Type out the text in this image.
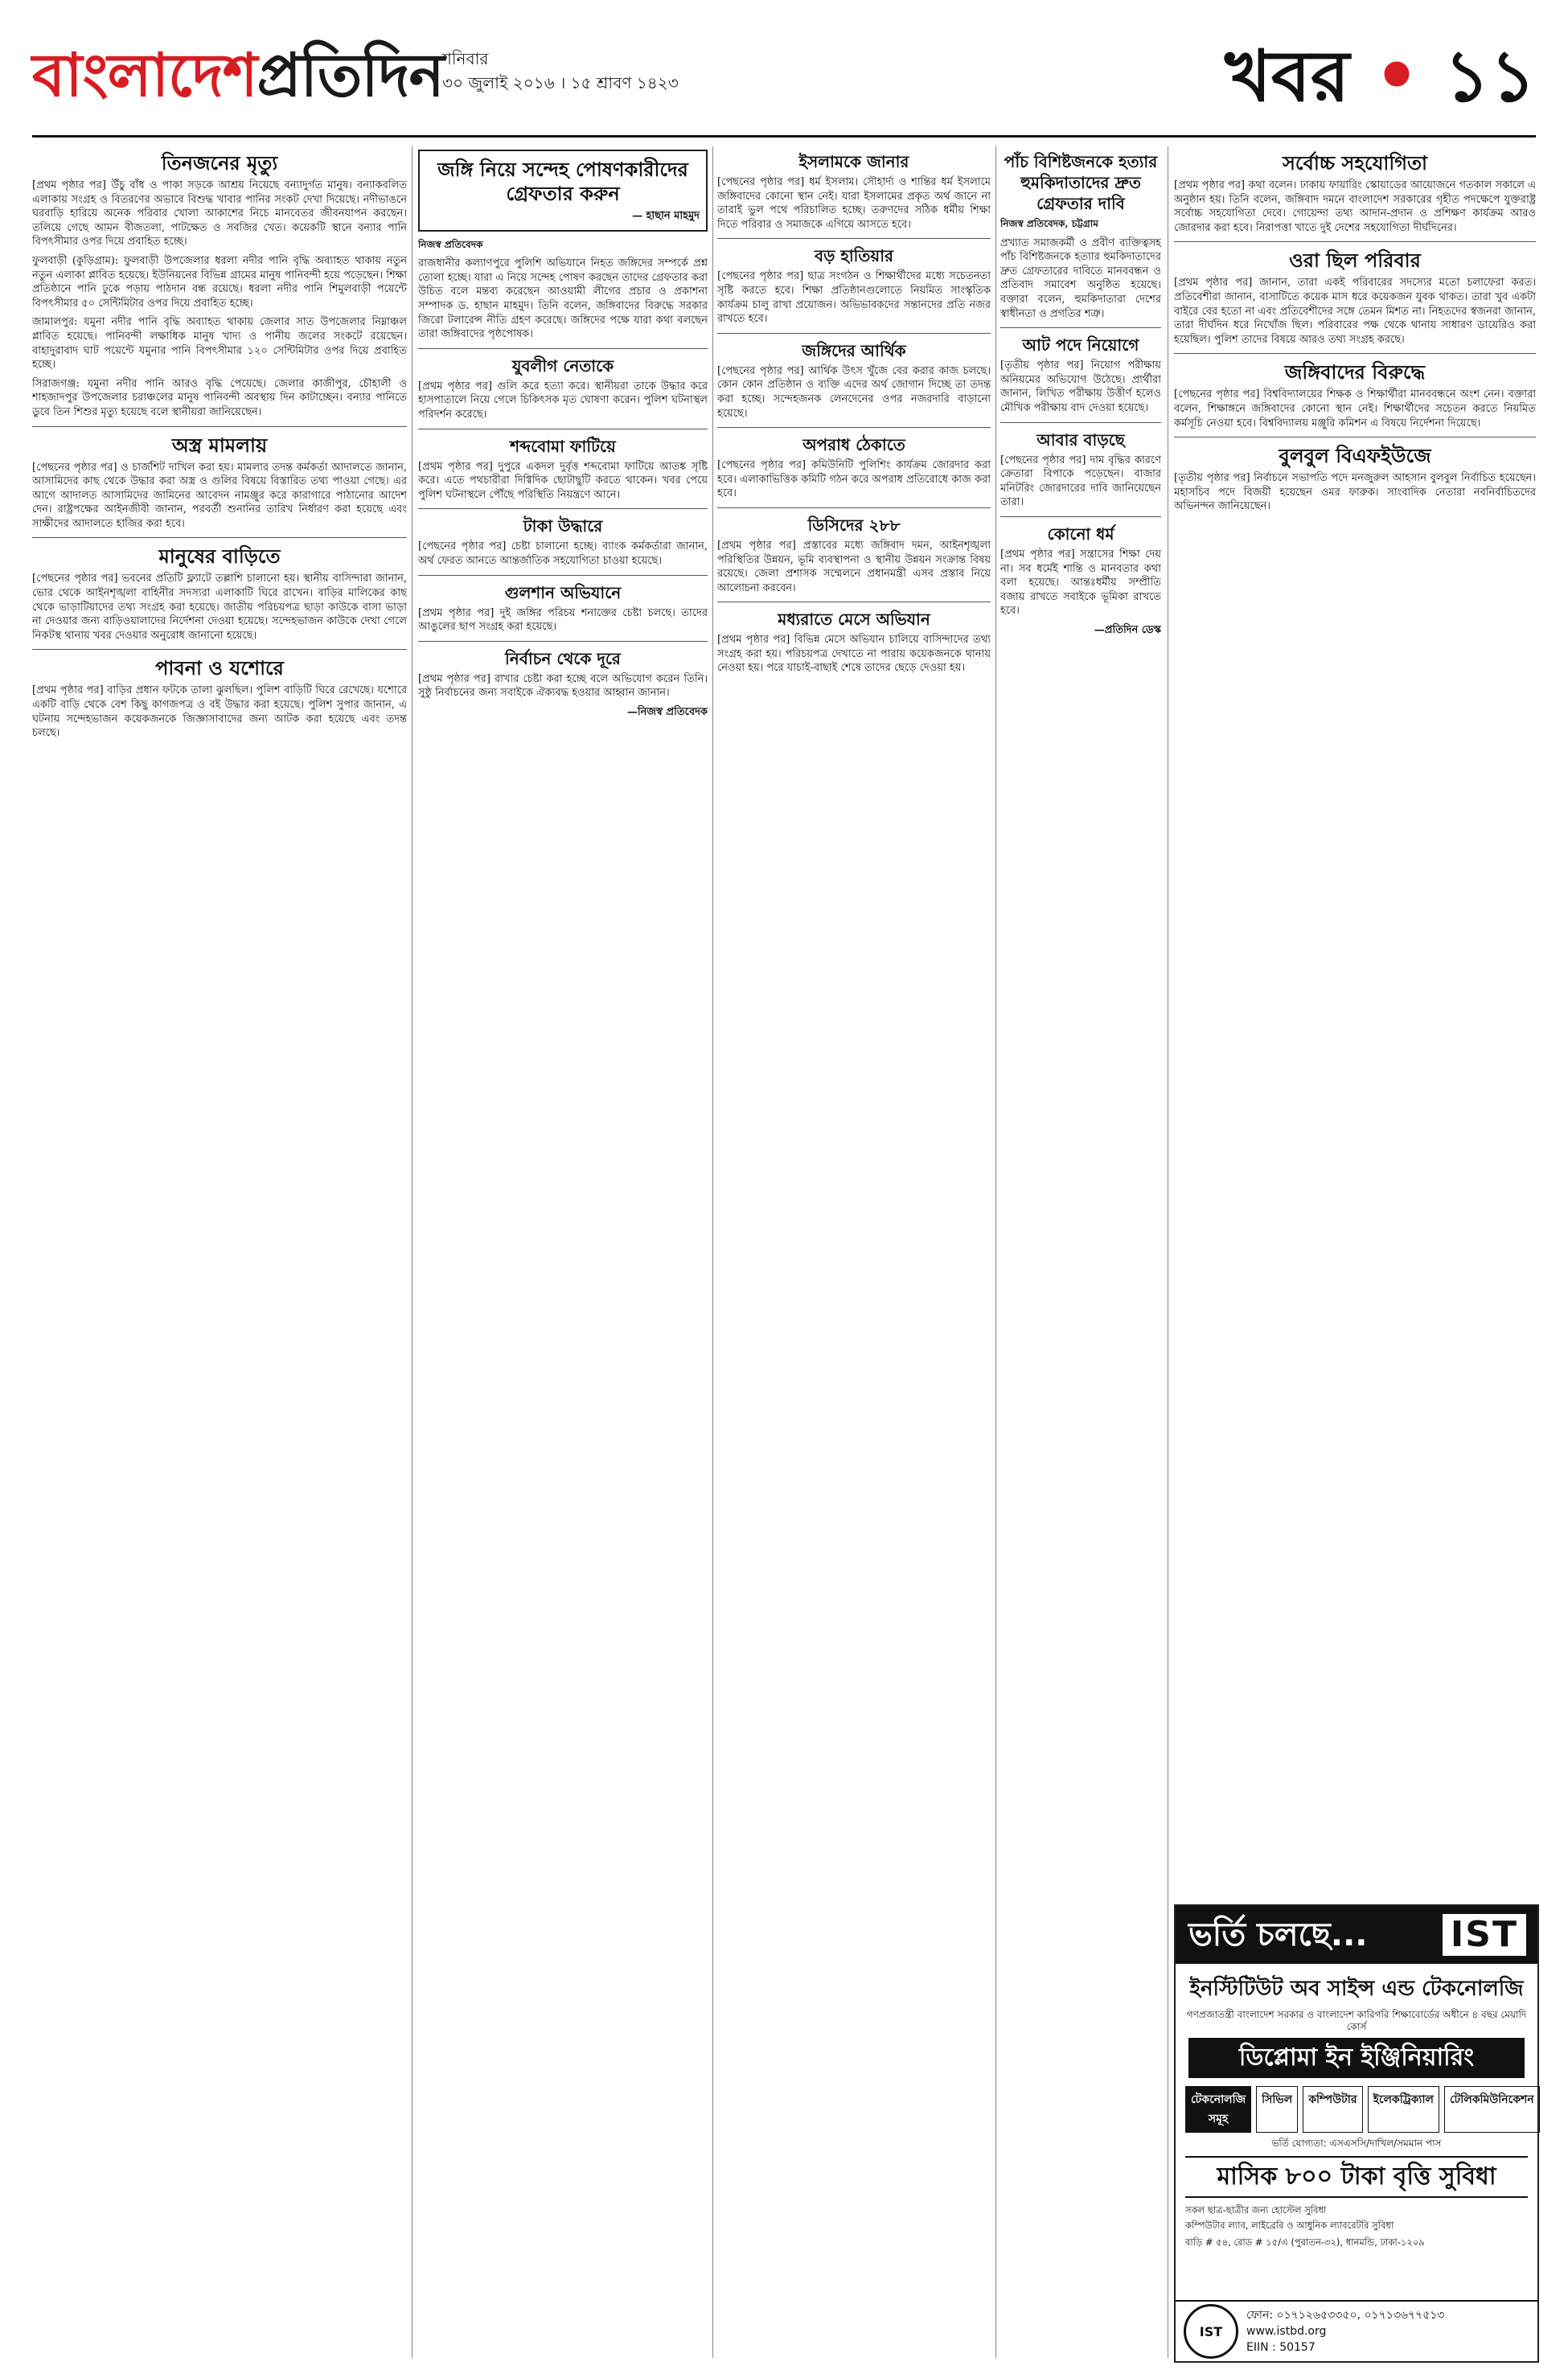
বাংলাদেশপ্রতিদিন
শনিবার
৩০ জুলাই ২০১৬ । ১৫ শ্রাবণ ১৪২৩	খবর • ১১
তিনজনের মৃত্যু

[প্রথম পৃষ্ঠার পর] উঁচু বাঁধ ও পাকা সড়কে আশ্রয় নিয়েছে বন্যাদুর্গত মানুষ। বন্যাকবলিত এলাকায় সংগ্রহ ও বিতরণের অভাবে বিশুদ্ধ খাবার পানির সংকট দেখা দিয়েছে। নদীভাঙনে ঘরবাড়ি হারিয়ে অনেক পরিবার খোলা আকাশের নিচে মানবেতর জীবনযাপন করছেন। তলিয়ে গেছে আমন বীজতলা, পাটক্ষেত ও সবজির খেত। কয়েকটি স্থানে বন্যার পানি বিপৎসীমার ওপর দিয়ে প্রবাহিত হচ্ছে।

ফুলবাড়ী (কুড়িগ্রাম): ফুলবাড়ী উপজেলার ধরলা নদীর পানি বৃদ্ধি অব্যাহত থাকায় নতুন নতুন এলাকা প্লাবিত হয়েছে। ইউনিয়নের বিভিন্ন গ্রামের মানুষ পানিবন্দী হয়ে পড়েছেন। শিক্ষা প্রতিষ্ঠানে পানি ঢুকে পড়ায় পাঠদান বন্ধ রয়েছে। ধরলা নদীর পানি শিমুলবাড়ী পয়েন্টে বিপৎসীমার ৫০ সেন্টিমিটার ওপর দিয়ে প্রবাহিত হচ্ছে।

জামালপুর: যমুনা নদীর পানি বৃদ্ধি অব্যাহত থাকায় জেলার সাত উপজেলার নিম্নাঞ্চল প্লাবিত হয়েছে। পানিবন্দী লক্ষাধিক মানুষ খাদ্য ও পানীয় জলের সংকটে রয়েছেন। বাহাদুরাবাদ ঘাট পয়েন্টে যমুনার পানি বিপৎসীমার ১২০ সেন্টিমিটার ওপর দিয়ে প্রবাহিত হচ্ছে।

সিরাজগঞ্জ: যমুনা নদীর পানি আরও বৃদ্ধি পেয়েছে। জেলার কাজীপুর, চৌহালী ও শাহজাদপুর উপজেলার চরাঞ্চলের মানুষ পানিবন্দী অবস্থায় দিন কাটাচ্ছেন। বন্যার পানিতে ডুবে তিন শিশুর মৃত্যু হয়েছে বলে স্থানীয়রা জানিয়েছেন।

অস্ত্র মামলায়

[পেছনের পৃষ্ঠার পর] ও চার্জশিট দাখিল করা হয়। মামলার তদন্ত কর্মকর্তা আদালতে জানান, আসামিদের কাছ থেকে উদ্ধার করা অস্ত্র ও গুলির বিষয়ে বিস্তারিত তথ্য পাওয়া গেছে। এর আগে আদালত আসামিদের জামিনের আবেদন নামঞ্জুর করে কারাগারে পাঠানোর আদেশ দেন। রাষ্ট্রপক্ষের আইনজীবী জানান, পরবর্তী শুনানির তারিখ নির্ধারণ করা হয়েছে এবং সাক্ষীদের আদালতে হাজির করা হবে।

মানুষের বাড়িতে

[পেছনের পৃষ্ঠার পর] ভবনের প্রতিটি ফ্ল্যাটে তল্লাশি চালানো হয়। স্থানীয় বাসিন্দারা জানান, ভোর থেকে আইনশৃঙ্খলা বাহিনীর সদস্যরা এলাকাটি ঘিরে রাখেন। বাড়ির মালিকের কাছ থেকে ভাড়াটিয়াদের তথ্য সংগ্রহ করা হয়েছে। জাতীয় পরিচয়পত্র ছাড়া কাউকে বাসা ভাড়া না দেওয়ার জন্য বাড়িওয়ালাদের নির্দেশনা দেওয়া হয়েছে। সন্দেহভাজন কাউকে দেখা গেলে নিকটস্থ থানায় খবর দেওয়ার অনুরোধ জানানো হয়েছে।

পাবনা ও যশোরে

[প্রথম পৃষ্ঠার পর] বাড়ির প্রধান ফটকে তালা ঝুলছিল। পুলিশ বাড়িটি ঘিরে রেখেছে। যশোরে একটি বাড়ি থেকে বেশ কিছু কাগজপত্র ও বই উদ্ধার করা হয়েছে। পুলিশ সুপার জানান, এ ঘটনায় সন্দেহভাজন কয়েকজনকে জিজ্ঞাসাবাদের জন্য আটক করা হয়েছে এবং তদন্ত চলছে।

জঙ্গি নিয়ে সন্দেহ পোষণকারীদের গ্রেফতার করুন
— হাছান মাহমুদ
নিজস্ব প্রতিবেদক

রাজধানীর কল্যাণপুরে পুলিশি অভিযানে নিহত জঙ্গিদের সম্পর্কে প্রশ্ন তোলা হচ্ছে। যারা এ নিয়ে সন্দেহ পোষণ করছেন তাদের গ্রেফতার করা উচিত বলে মন্তব্য করেছেন আওয়ামী লীগের প্রচার ও প্রকাশনা সম্পাদক ড. হাছান মাহমুদ। তিনি বলেন, জঙ্গিবাদের বিরুদ্ধে সরকার জিরো টলারেন্স নীতি গ্রহণ করেছে। জঙ্গিদের পক্ষে যারা কথা বলছেন তারা জঙ্গিবাদের পৃষ্ঠপোষক।

যুবলীগ নেতাকে

[প্রথম পৃষ্ঠার পর] গুলি করে হত্যা করে। স্থানীয়রা তাকে উদ্ধার করে হাসপাতালে নিয়ে গেলে চিকিৎসক মৃত ঘোষণা করেন। পুলিশ ঘটনাস্থল পরিদর্শন করেছে।

শব্দবোমা ফাটিয়ে

[প্রথম পৃষ্ঠার পর] দুপুরে একদল দুর্বৃত্ত শব্দবোমা ফাটিয়ে আতঙ্ক সৃষ্টি করে। এতে পথচারীরা দিগ্বিদিক ছোটাছুটি করতে থাকেন। খবর পেয়ে পুলিশ ঘটনাস্থলে পৌঁছে পরিস্থিতি নিয়ন্ত্রণে আনে।

টাকা উদ্ধারে

[পেছনের পৃষ্ঠার পর] চেষ্টা চালানো হচ্ছে। ব্যাংক কর্মকর্তারা জানান, অর্থ ফেরত আনতে আন্তর্জাতিক সহযোগিতা চাওয়া হয়েছে।

গুলশান অভিযানে

[প্রথম পৃষ্ঠার পর] দুই জঙ্গির পরিচয় শনাক্তের চেষ্টা চলছে। তাদের আঙুলের ছাপ সংগ্রহ করা হয়েছে।

নির্বাচন থেকে দূরে

[প্রথম পৃষ্ঠার পর] রাখার চেষ্টা করা হচ্ছে বলে অভিযোগ করেন তিনি। সুষ্ঠু নির্বাচনের জন্য সবাইকে ঐক্যবদ্ধ হওয়ার আহ্বান জানান।

—নিজস্ব প্রতিবেদক
ইসলামকে জানার

[পেছনের পৃষ্ঠার পর] ধর্ম ইসলাম। সৌহার্দ্য ও শান্তির ধর্ম ইসলামে জঙ্গিবাদের কোনো স্থান নেই। যারা ইসলামের প্রকৃত অর্থ জানে না তারাই ভুল পথে পরিচালিত হচ্ছে। তরুণদের সঠিক ধর্মীয় শিক্ষা দিতে পরিবার ও সমাজকে এগিয়ে আসতে হবে।

বড় হাতিয়ার

[পেছনের পৃষ্ঠার পর] ছাত্র সংগঠন ও শিক্ষার্থীদের মধ্যে সচেতনতা সৃষ্টি করতে হবে। শিক্ষা প্রতিষ্ঠানগুলোতে নিয়মিত সাংস্কৃতিক কার্যক্রম চালু রাখা প্রয়োজন। অভিভাবকদের সন্তানদের প্রতি নজর রাখতে হবে।

জঙ্গিদের আর্থিক

[পেছনের পৃষ্ঠার পর] আর্থিক উৎস খুঁজে বের করার কাজ চলছে। কোন কোন প্রতিষ্ঠান ও ব্যক্তি এদের অর্থ জোগান দিচ্ছে তা তদন্ত করা হচ্ছে। সন্দেহজনক লেনদেনের ওপর নজরদারি বাড়ানো হয়েছে।

অপরাধ ঠেকাতে

[পেছনের পৃষ্ঠার পর] কমিউনিটি পুলিশিং কার্যক্রম জোরদার করা হবে। এলাকাভিত্তিক কমিটি গঠন করে অপরাধ প্রতিরোধে কাজ করা হবে।

ডিসিদের ২৮৮

[প্রথম পৃষ্ঠার পর] প্রস্তাবের মধ্যে জঙ্গিবাদ দমন, আইনশৃঙ্খলা পরিস্থিতির উন্নয়ন, ভূমি ব্যবস্থাপনা ও স্থানীয় উন্নয়ন সংক্রান্ত বিষয় রয়েছে। জেলা প্রশাসক সম্মেলনে প্রধানমন্ত্রী এসব প্রস্তাব নিয়ে আলোচনা করবেন।

মধ্যরাতে মেসে অভিযান

[প্রথম পৃষ্ঠার পর] বিভিন্ন মেসে অভিযান চালিয়ে বাসিন্দাদের তথ্য সংগ্রহ করা হয়। পরিচয়পত্র দেখাতে না পারায় কয়েকজনকে থানায় নেওয়া হয়। পরে যাচাই-বাছাই শেষে তাদের ছেড়ে দেওয়া হয়।

পাঁচ বিশিষ্টজনকে হত্যার হুমকিদাতাদের দ্রুত গ্রেফতার দাবি
নিজস্ব প্রতিবেদক, চট্টগ্রাম

প্রখ্যাত সমাজকর্মী ও প্রবীণ ব্যক্তিত্বসহ পাঁচ বিশিষ্টজনকে হত্যার হুমকিদাতাদের দ্রুত গ্রেফতারের দাবিতে মানববন্ধন ও প্রতিবাদ সমাবেশ অনুষ্ঠিত হয়েছে। বক্তারা বলেন, হুমকিদাতারা দেশের স্বাধীনতা ও প্রগতির শত্রু।

আট পদে নিয়োগে

[তৃতীয় পৃষ্ঠার পর] নিয়োগ পরীক্ষায় অনিয়মের অভিযোগ উঠেছে। প্রার্থীরা জানান, লিখিত পরীক্ষায় উত্তীর্ণ হলেও মৌখিক পরীক্ষায় বাদ দেওয়া হয়েছে।

আবার বাড়ছে

[পেছনের পৃষ্ঠার পর] দাম বৃদ্ধির কারণে ক্রেতারা বিপাকে পড়েছেন। বাজার মনিটরিং জোরদারের দাবি জানিয়েছেন তারা।

কোনো ধর্ম

[প্রথম পৃষ্ঠার পর] সন্ত্রাসের শিক্ষা দেয় না। সব ধর্মেই শান্তি ও মানবতার কথা বলা হয়েছে। আন্তঃধর্মীয় সম্প্রীতি বজায় রাখতে সবাইকে ভূমিকা রাখতে হবে।

—প্রতিদিন ডেস্ক
সর্বোচ্চ সহযোগিতা

[প্রথম পৃষ্ঠার পর] কথা বলেন। ঢাকায় ফায়ারিং স্কোয়াডের আয়োজনে গতকাল সকালে এ অনুষ্ঠান হয়। তিনি বলেন, জঙ্গিবাদ দমনে বাংলাদেশ সরকারের গৃহীত পদক্ষেপে যুক্তরাষ্ট্র সর্বোচ্চ সহযোগিতা দেবে। গোয়েন্দা তথ্য আদান-প্রদান ও প্রশিক্ষণ কার্যক্রম আরও জোরদার করা হবে। নিরাপত্তা খাতে দুই দেশের সহযোগিতা দীর্ঘদিনের।

ওরা ছিল পরিবার

[প্রথম পৃষ্ঠার পর] জানান, তারা একই পরিবারের সদস্যের মতো চলাফেরা করত। প্রতিবেশীরা জানান, বাসাটিতে কয়েক মাস ধরে কয়েকজন যুবক থাকত। তারা খুব একটা বাইরে বের হতো না এবং প্রতিবেশীদের সঙ্গে তেমন মিশত না। নিহতদের স্বজনরা জানান, তারা দীর্ঘদিন ধরে নিখোঁজ ছিল। পরিবারের পক্ষ থেকে থানায় সাধারণ ডায়েরিও করা হয়েছিল। পুলিশ তাদের বিষয়ে আরও তথ্য সংগ্রহ করছে।

জঙ্গিবাদের বিরুদ্ধে

[পেছনের পৃষ্ঠার পর] বিশ্ববিদ্যালয়ের শিক্ষক ও শিক্ষার্থীরা মানববন্ধনে অংশ নেন। বক্তারা বলেন, শিক্ষাঙ্গনে জঙ্গিবাদের কোনো স্থান নেই। শিক্ষার্থীদের সচেতন করতে নিয়মিত কর্মসূচি নেওয়া হবে। বিশ্ববিদ্যালয় মঞ্জুরি কমিশন এ বিষয়ে নির্দেশনা দিয়েছে।

বুলবুল বিএফইউজে

[তৃতীয় পৃষ্ঠার পর] নির্বাচনে সভাপতি পদে মনজুরুল আহসান বুলবুল নির্বাচিত হয়েছেন। মহাসচিব পদে বিজয়ী হয়েছেন ওমর ফারুক। সাংবাদিক নেতারা নবনির্বাচিতদের অভিনন্দন জানিয়েছেন।

ভর্তি চলছে... IST
ইনস্টিটিউট অব সাইন্স এন্ড টেকনোলজি
গণপ্রজাতন্ত্রী বাংলাদেশ সরকার ও বাংলাদেশ কারিগরি শিক্ষাবোর্ডের অধীনে ৪ বছর মেয়াদি কোর্স
ডিপ্লোমা ইন ইঞ্জিনিয়ারিং
টেকনোলজি সমূহ
সিভিল	কম্পিউটার	ইলেকট্রিক্যাল	টেলিকমিউনিকেশন
ভর্তি যোগ্যতা: এসএসসি/দাখিল/সমমান পাস
মাসিক ৮০০ টাকা বৃত্তি সুবিধা
সকল ছাত্র-ছাত্রীর জন্য হোস্টেল সুবিধা
কম্পিউটার ল্যাব, লাইব্রেরি ও আধুনিক ল্যাবরেটরি সুবিধা
বাড়ি # ৫৪, রোড # ১৫/এ (পুরাতন-৩২), ধানমন্ডি, ঢাকা-১২০৯
IST
ফোন: ০১৭১২৬৫৩৩৫০, ০১৭১৩৬৭৭৫১৩
www.istbd.org
EIIN : 50157
